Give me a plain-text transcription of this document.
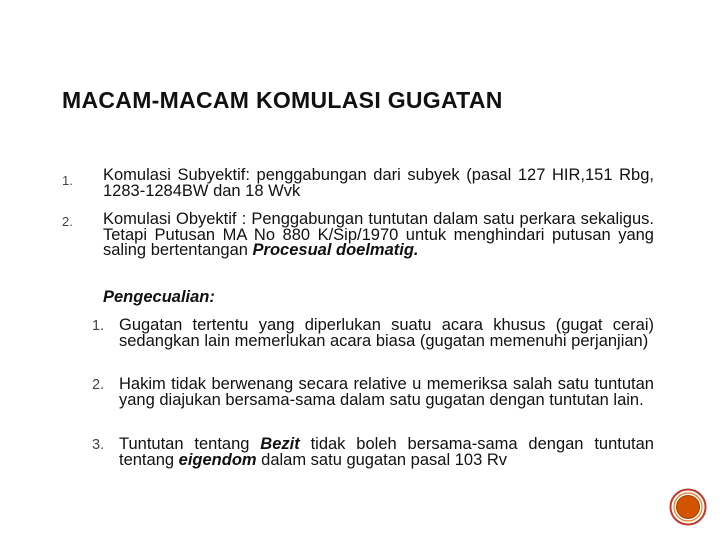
MACAM-MACAM KOMULASI GUGATAN
1. Komulasi Subyektif: penggabungan dari subyek (pasal 127 HIR,151 Rbg, 1283-1284BW dan 18 Wvk
2. Komulasi Obyektif : Penggabungan tuntutan dalam satu perkara sekaligus. Tetapi Putusan MA No 880 K/Sip/1970 untuk menghindari putusan yang saling bertentangan Procesual doelmatig.
Pengecualian:
1. Gugatan tertentu yang diperlukan suatu acara khusus (gugat cerai) sedangkan lain memerlukan acara biasa (gugatan memenuhi perjanjian)
2. Hakim tidak berwenang secara relative u memeriksa salah satu tuntutan yang diajukan bersama-sama dalam satu gugatan dengan tuntutan lain.
3. Tuntutan tentang Bezit tidak boleh bersama-sama dengan tuntutan tentang eigendom dalam satu gugatan pasal 103 Rv
